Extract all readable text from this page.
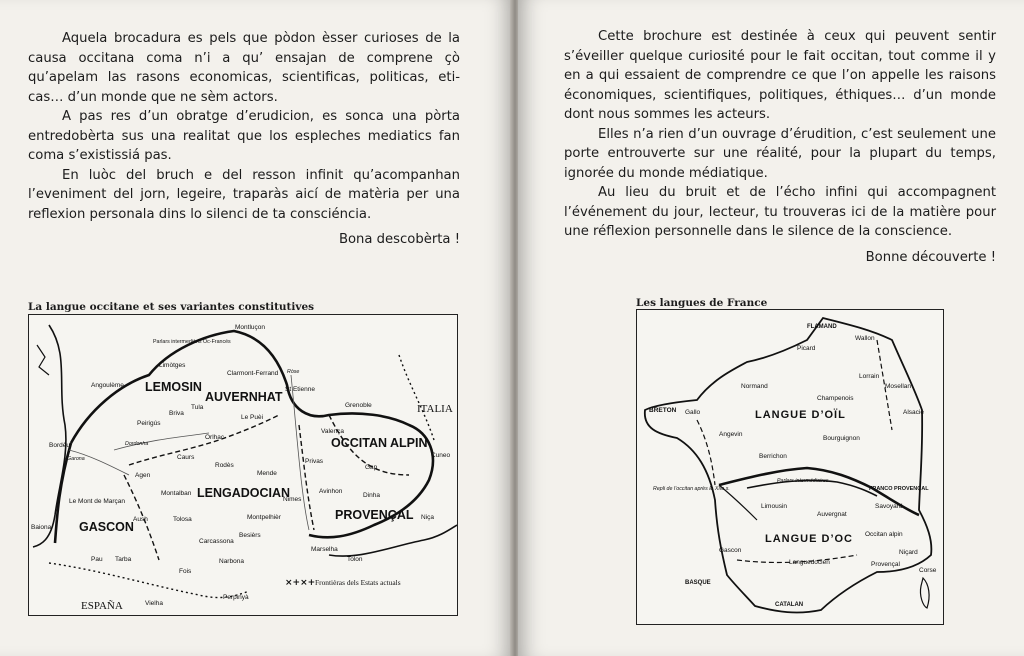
Aquela brocadura es pels que pòdon èsser curioses de la causa occitana coma n’i a qu’ ensajan de comprene çò qu’apelam las rasons economicas, scientificas, politicas, eti-cas… d’un monde que ne sèm actors.

A pas res d’un obratge d’erudicion, es sonca una pòrta entredobèrta sus una realitat que los espleches mediatics fan coma s’existissiá pas.

En luòc del bruch e del resson infinit qu’acompanhan l’eveniment del jorn, legeire, traparàs aicí de matèria per una reflexion personala dins lo silenci de ta consciéncia.

Bona descobèrta !

La langue occitane et ses variantes constitutives
LEMOSIN
AUVERNHAT
OCCITAN ALPIN
LENGADOCIAN
GASCON
PROVENÇAL
ITALIA
ESPAÑA
Parlars intermediàris Oc-Francés
Montluçon
Limòtges
Clarmont-Ferrand
Angoulème
Tula
Briva
Peirigús
St Etienne
Le Puèi
Grenoble
Valença
Orlhac
Bordèu
Caurs
Rodès
Mende
Privas
Gap
Cuneo
Agen
Le Mont de Marçan
Montalban
Nimes
Avinhon
Dinha
Aush	Tolosa	Montpelhièr
Baiona
Pau Tarba
Carcassona
Besièrs
Narbona
Fois
Marselha
Niça
Tolon
Perpinyà
Vielha
Garona
Dordonha
Ròse
×+×+ Frontièras dels Estats actuals

Cette brochure est destinée à ceux qui peuvent sentir s’éveiller quelque curiosité pour le fait occitan, tout comme il y en a qui essaient de comprendre ce que l’on appelle les raisons économiques, scientifiques, politiques, éthiques… d’un monde dont nous sommes les acteurs.

Elles n’a rien d’un ouvrage d’érudition, c’est seulement une porte entrouverte sur une réalité, pour la plupart du temps, ignorée du monde médiatique.

Au lieu du bruit et de l’écho infini qui accompagnent l’événement du jour, lecteur, tu trouveras ici de la matière pour une réflexion personnelle dans le silence de la conscience.

Bonne découverte !

Les langues de France
LANGUE D’OÏL
LANGUE D’OC
FLAMAND
Picard
Wallon
Normand
Champenois
Lorrain
Mosellan
Alsacie
BRETON Gallo
Angevin
Bourguignon
Berrichon
FRANCO PROVENÇAL
Savoyard
Limousin
Auvergnat
Occitan alpin
Provençal
Niçard
Gascon
Languedocien
BASQUE
CATALAN
Corse
Parlers intermédiaires
Repli de l’occitan après le XIIe s.
